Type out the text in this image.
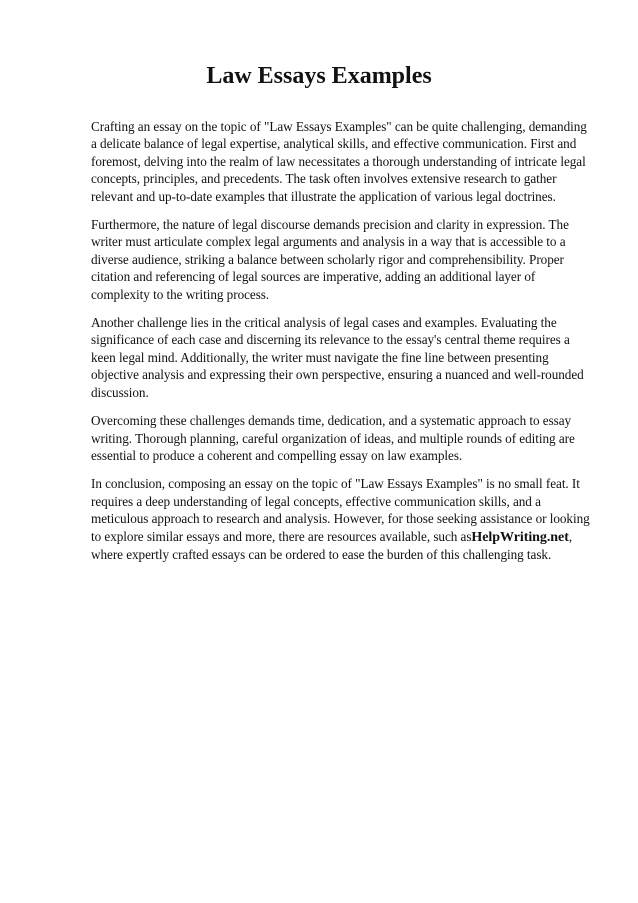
Law Essays Examples

Crafting an essay on the topic of "Law Essays Examples" can be quite challenging, demanding a delicate balance of legal expertise, analytical skills, and effective communication. First and foremost, delving into the realm of law necessitates a thorough understanding of intricate legal concepts, principles, and precedents. The task often involves extensive research to gather relevant and up-to-date examples that illustrate the application of various legal doctrines.

Furthermore, the nature of legal discourse demands precision and clarity in expression. The writer must articulate complex legal arguments and analysis in a way that is accessible to a diverse audience, striking a balance between scholarly rigor and comprehensibility. Proper citation and referencing of legal sources are imperative, adding an additional layer of complexity to the writing process.

Another challenge lies in the critical analysis of legal cases and examples. Evaluating the significance of each case and discerning its relevance to the essay's central theme requires a keen legal mind. Additionally, the writer must navigate the fine line between presenting objective analysis and expressing their own perspective, ensuring a nuanced and well-rounded discussion.

Overcoming these challenges demands time, dedication, and a systematic approach to essay writing. Thorough planning, careful organization of ideas, and multiple rounds of editing are essential to produce a coherent and compelling essay on law examples.

In conclusion, composing an essay on the topic of "Law Essays Examples" is no small feat. It requires a deep understanding of legal concepts, effective communication skills, and a meticulous approach to research and analysis. However, for those seeking assistance or looking to explore similar essays and more, there are resources available, such asHelpWriting.net, where expertly crafted essays can be ordered to ease the burden of this challenging task.
